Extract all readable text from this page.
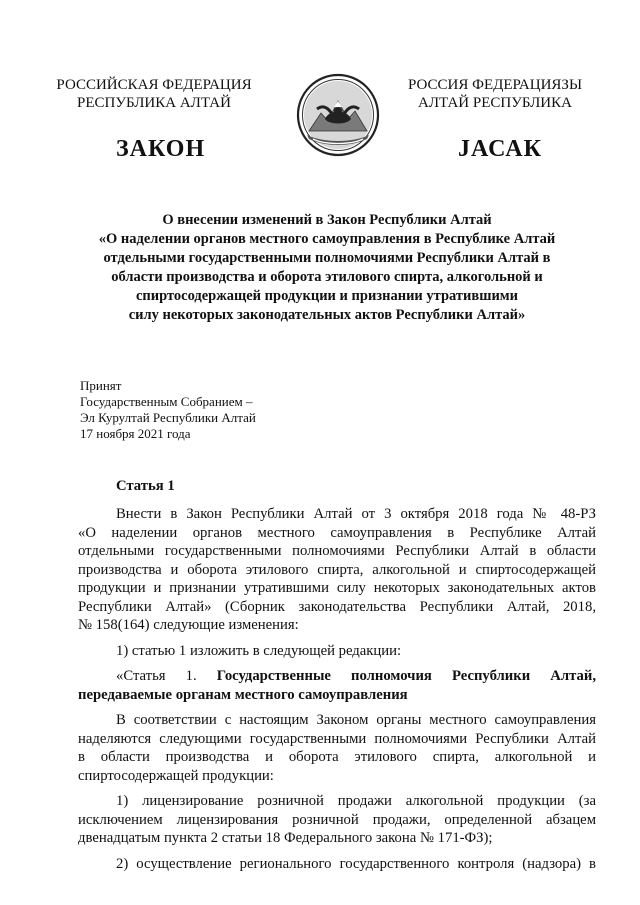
РОССИЙСКАЯ ФЕДЕРАЦИЯ
РЕСПУБЛИКА АЛТАЙ
РОССИЯ ФЕДЕРАЦИЯЗЫ
АЛТАЙ РЕСПУБЛИКА
ЗАКОН	ЈАСАК
О внесении изменений в Закон Республики Алтай
«О наделении органов местного самоуправления в Республике Алтай
отдельными государственными полномочиями Республики Алтай в
области производства и оборота этилового спирта, алкогольной и
спиртосодержащей продукции и признании утратившими
силу некоторых законодательных актов Республики Алтай»
Принят
Государственным Собранием –
Эл Курултай Республики Алтай
17 ноября 2021 года
Статья 1

Внести в Закон Республики Алтай от 3 октября 2018 года № 48-РЗ

«О наделении органов местного самоуправления в Республике Алтай

отдельными государственными полномочиями Республики Алтай в области

производства и оборота этилового спирта, алкогольной и спиртосодержащей

продукции и признании утратившими силу некоторых законодательных актов

Республики Алтай» (Сборник законодательства Республики Алтай, 2018,

№ 158(164) следующие изменения:

1) статью 1 изложить в следующей редакции:

«Статья 1. Государственные полномочия Республики Алтай,

передаваемые органам местного самоуправления

В соответствии с настоящим Законом органы местного самоуправления

наделяются следующими государственными полномочиями Республики Алтай

в области производства и оборота этилового спирта, алкогольной и

спиртосодержащей продукции:

1) лицензирование розничной продажи алкогольной продукции (за

исключением лицензирования розничной продажи, определенной абзацем

двенадцатым пункта 2 статьи 18 Федерального закона № 171-ФЗ);

2) осуществление регионального государственного контроля (надзора) в
